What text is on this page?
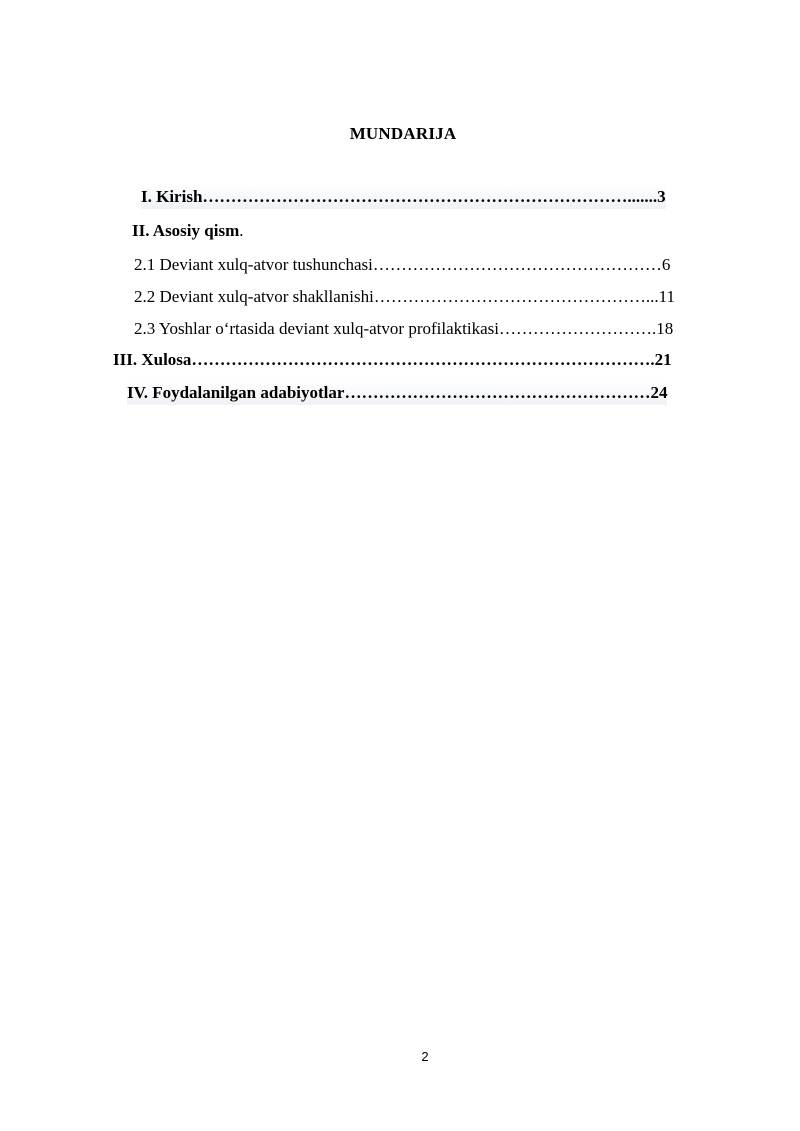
MUNDARIJA
I. Kirish………………………………………………………………….......3
II. Asosiy qism.
2.1 Deviant xulq-atvor tushunchasi……………………………………………6
2.2 Deviant xulq-atvor shakllanishi…………………………………………...11
2.3 Yoshlar o‘rtasida deviant xulq-atvor profilaktikasi……………………….18
III. Xulosa……………………………………………………………………….21
IV. Foydalanilgan adabiyotlar………………………………………………24
2
